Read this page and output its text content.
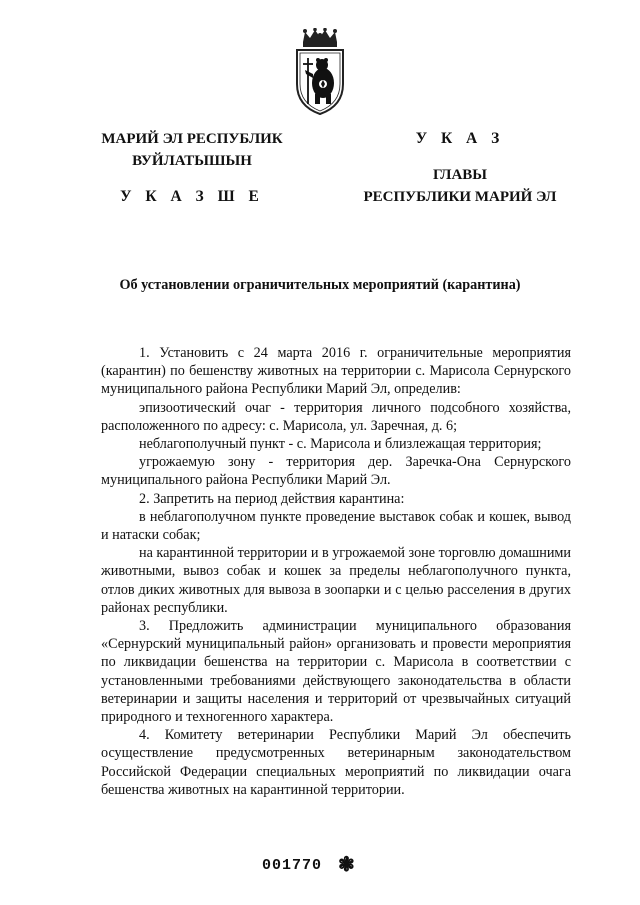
МАРИЙ ЭЛ РЕСПУБЛИК
ВУЙЛАТЫШЫН
У К А З Ш Е
У К А З
ГЛАВЫ
РЕСПУБЛИКИ МАРИЙ ЭЛ
Об установлении ограничительных мероприятий (карантина)

1. Установить с 24 марта 2016 г. ограничительные мероприятия (карантин) по бешенству животных на территории с. Марисола Сернурского муниципального района Республики Марий Эл, определив:

эпизоотический очаг - территория личного подсобного хозяйства, расположенного по адресу: с. Марисола, ул. Заречная, д. 6;

неблагополучный пункт - с. Марисола и близлежащая территория;

угрожаемую зону - территория дер. Заречка-Она Сернурского муниципального района Республики Марий Эл.

2. Запретить на период действия карантина:

в неблагополучном пункте проведение выставок собак и кошек, вывод и натаски собак;

на карантинной территории и в угрожаемой зоне торговлю домашними животными, вывоз собак и кошек за пределы неблагополучного пункта, отлов диких животных для вывоза в зоопарки и с целью расселения в других районах республики.

3. Предложить администрации муниципального образования «Сернурский муниципальный район» организовать и провести мероприятия по ликвидации бешенства на территории с. Марисола в соответствии с установленными требованиями действующего законодательства в области ветеринарии и защиты населения и территорий от чрезвычайных ситуаций природного и техногенного характера.

4. Комитету ветеринарии Республики Марий Эл обеспечить осуществление предусмотренных ветеринарным законодательством Российской Федерации специальных мероприятий по ликвидации очага бешенства животных на карантинной территории.

001770 ❃
